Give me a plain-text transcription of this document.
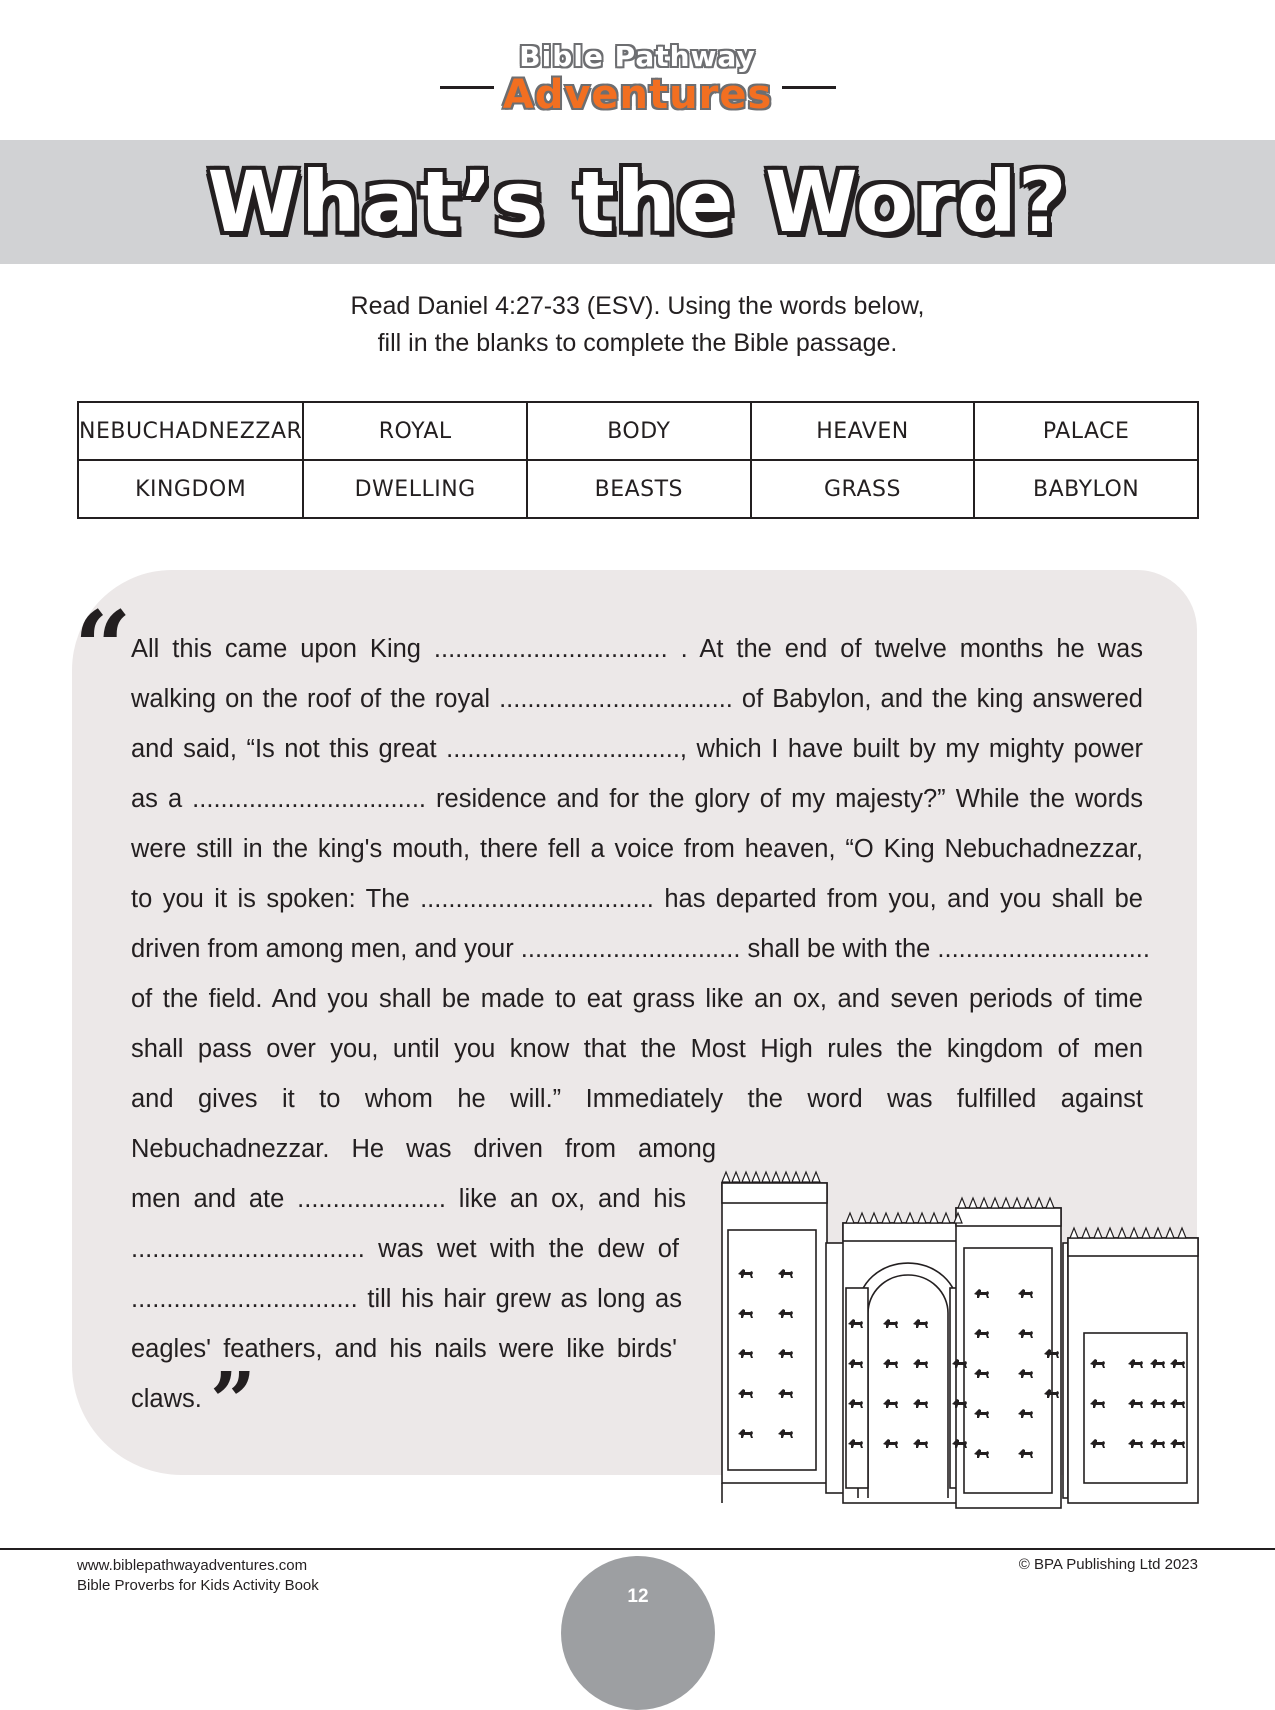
Bible Pathway
Adventures
What’s the Word?
Read Daniel 4:27-33 (ESV). Using the words below,
fill in the blanks to complete the Bible passage.
NEBUCHADNEZZAR	ROYAL	BODY	HEAVEN	PALACE
KINGDOM	DWELLING	BEASTS	GRASS	BABYLON
“ All this came upon King ................................. . At the end of twelve months he was
walking on the roof of the royal ................................. of Babylon, and the king answered
and said, “Is not this great ................................., which I have built by my mighty power
as a ................................. residence and for the glory of my majesty?” While the words
were still in the king's mouth, there fell a voice from heaven, “O King Nebuchadnezzar,
to you it is spoken: The ................................. has departed from you, and you shall be
driven from among men, and your ............................... shall be with the ..............................
of the field. And you shall be made to eat grass like an ox, and seven periods of time
shall pass over you, until you know that the Most High rules the kingdom of men
and gives it to whom he will.” Immediately the word was fulfilled against
Nebuchadnezzar. He was driven from among
men and ate ..................... like an ox, and his
................................. was wet with the dew of
................................ till his hair grew as long as
eagles' feathers, and his nails were like birds'
claws. ”
www.biblepathwayadventures.com
Bible Proverbs for Kids Activity Book
© BPA Publishing Ltd 2023
12
